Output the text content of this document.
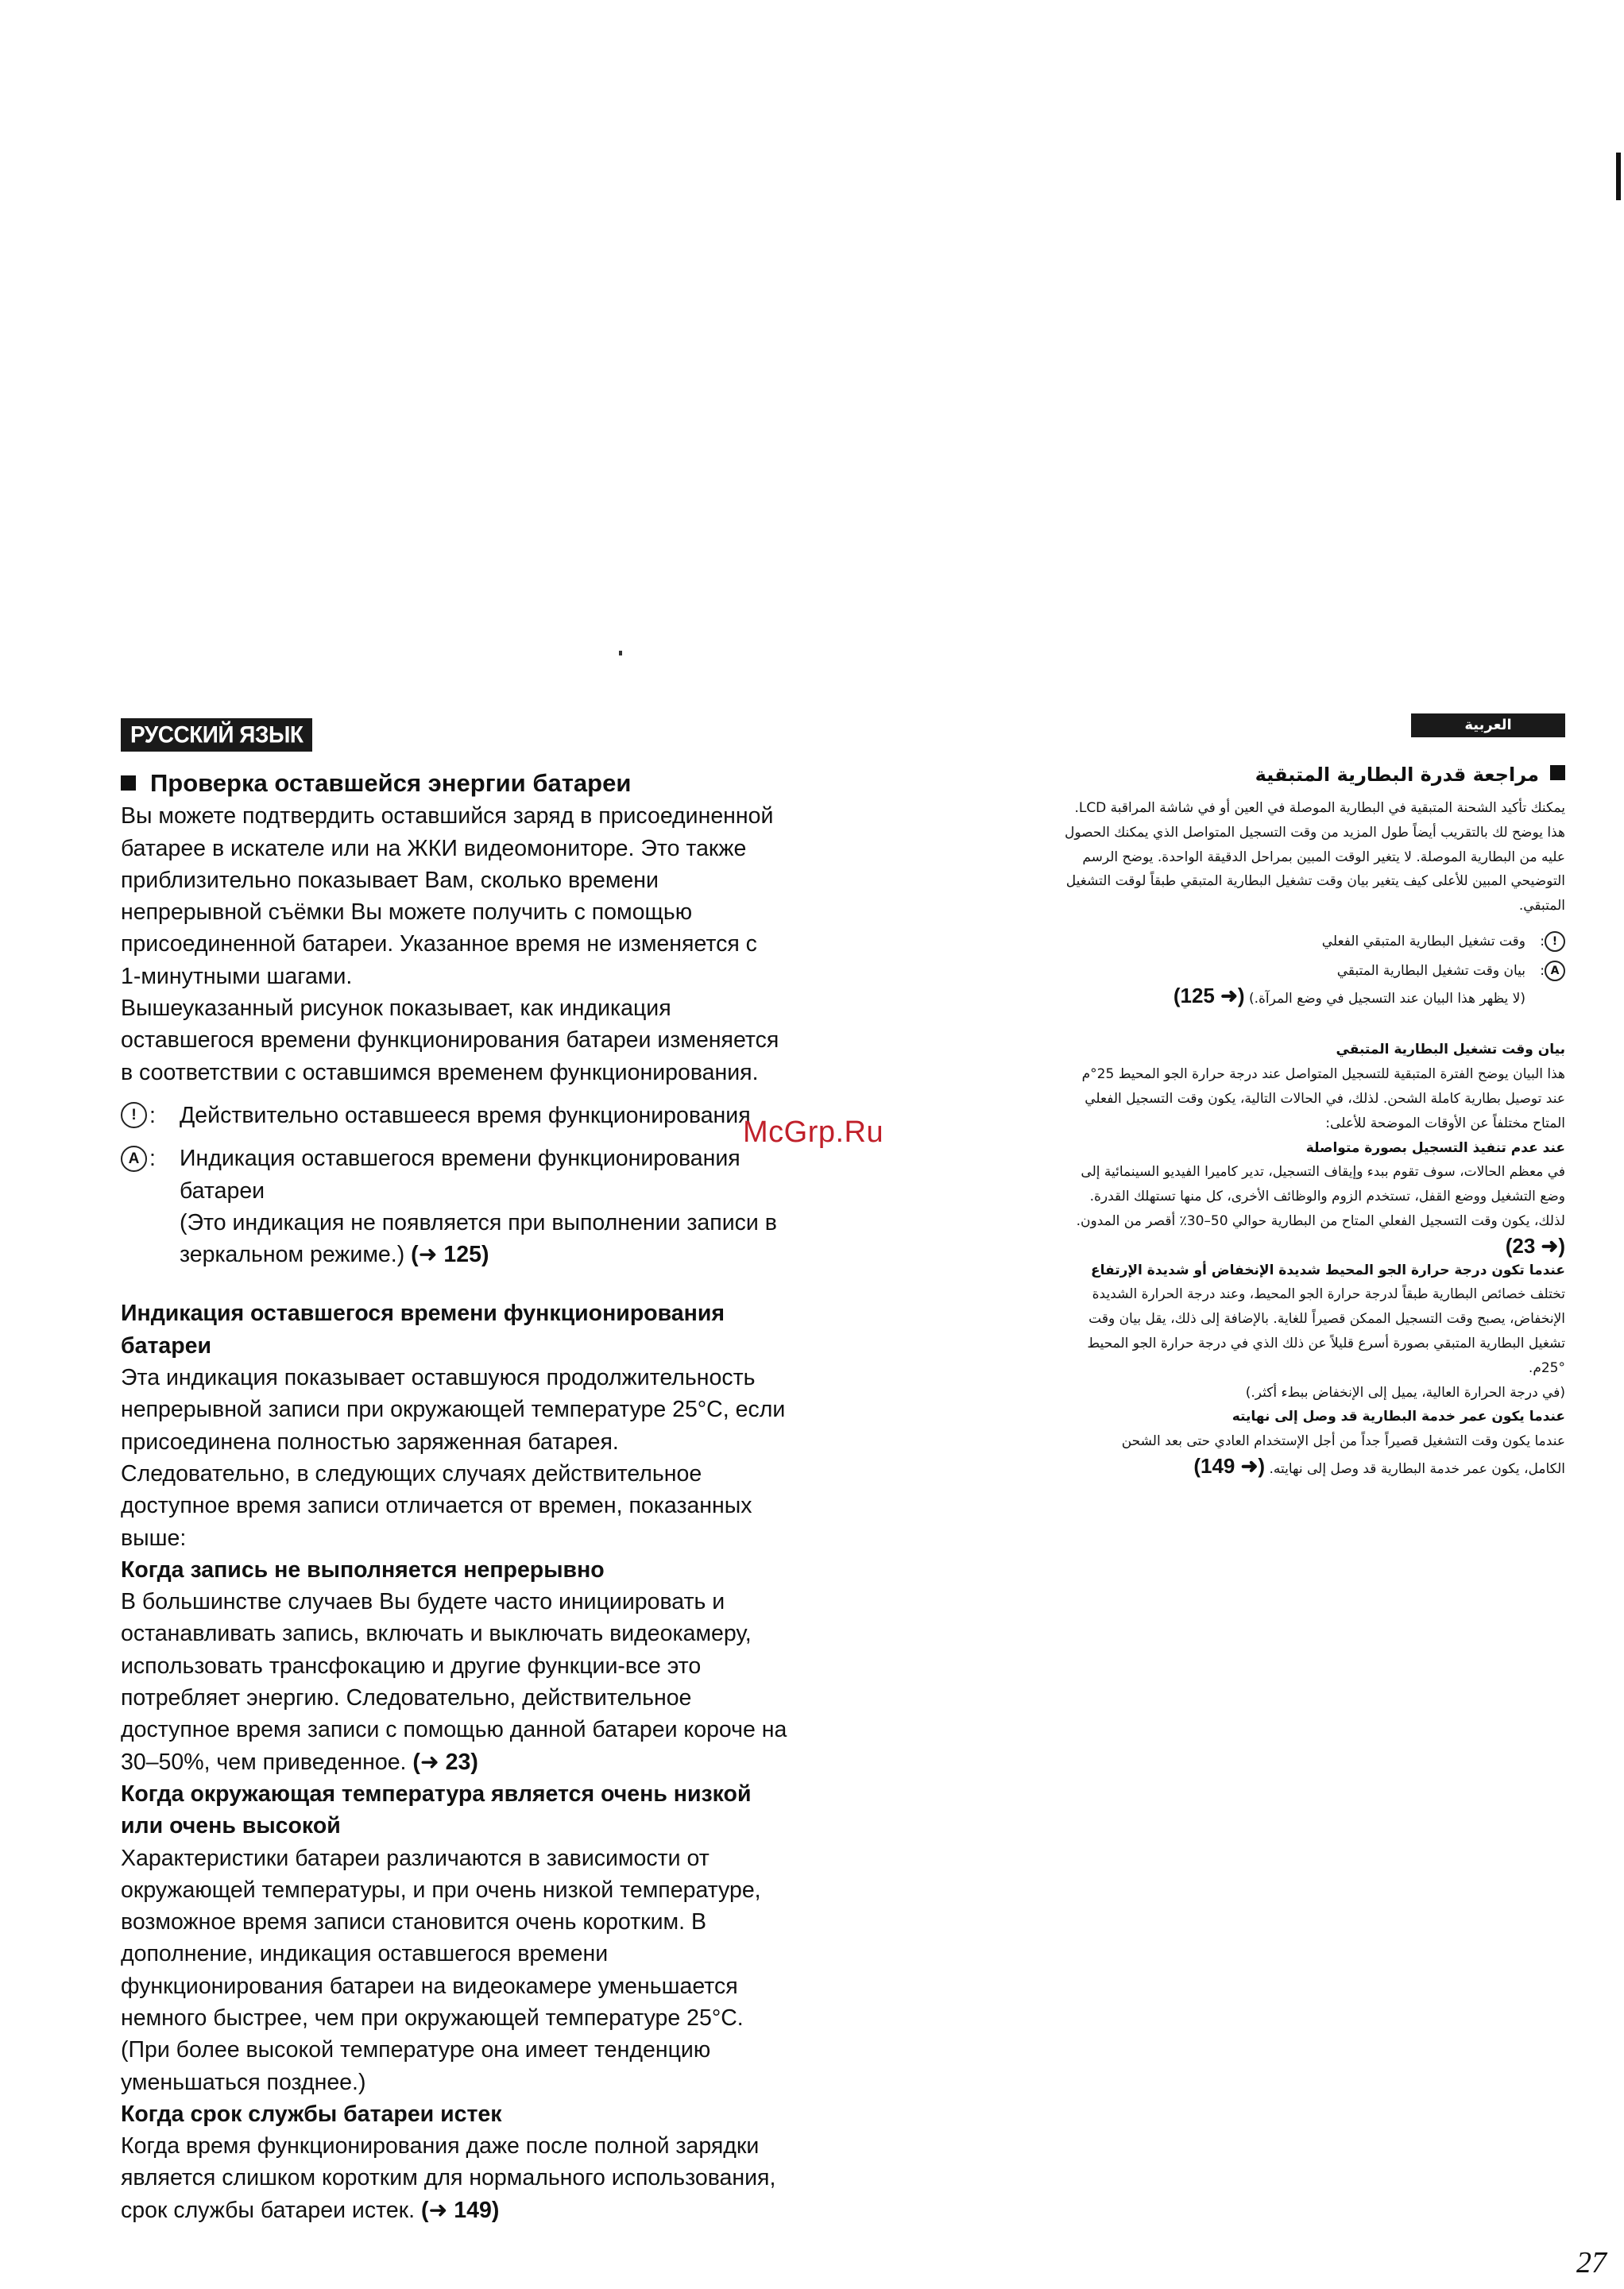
РУССКИЙ ЯЗЫК
Проверка оставшейся энергии батареи

Вы можете подтвердить оставшийся заряд в присоединенной

батарее в искателе или на ЖКИ видеомониторе. Это также

приблизительно показывает Вам, сколько времени

непрерывной съёмки Вы можете получить с помощью

присоединенной батареи. Указанное время не изменяется с

1-минутными шагами.

Вышеуказанный рисунок показывает, как индикация

оставшегося времени функционирования батареи изменяется

в соответствии с оставшимся временем функционирования.

! : Действительно оставшееся время функционирования

A : Индикация оставшегося времени функционирования

батареи

(Это индикация не появляется при выполнении записи в

зеркальном режиме.) (➜ 125)

Индикация оставшегося времени функционирования

батареи

Эта индикация показывает оставшуюся продолжительность

непрерывной записи при окружающей температуре 25°C, если

присоединена полностью заряженная батарея.

Следовательно, в следующих случаях действительное

доступное время записи отличается от времен, показанных

выше:

Когда запись не выполняется непрерывно

В большинстве случаев Вы будете часто инициировать и

останавливать запись, включать и выключать видеокамеру,

использовать трансфокацию и другие функции-все это

потребляет энергию. Следовательно, действительное

доступное время записи с помощью данной батареи короче на

30–50%, чем приведенное. (➜ 23)

Когда окружающая температура является очень низкой

или очень высокой

Характеристики батареи различаются в зависимости от

окружающей температуры, и при очень низкой температуре,

возможное время записи становится очень коротким. В

дополнение, индикация оставшегося времени

функционирования батареи на видеокамере уменьшается

немного быстрее, чем при окружающей температуре 25°C.

(При более высокой температуре она имеет тенденцию

уменьшаться позднее.)

Когда срок службы батареи истек

Когда время функционирования даже после полной зарядки

является слишком коротким для нормального использования,

срок службы батареи истек. (➜ 149)

العربية
مراجعة قدرة البطارية المتبقية

يمكنك تأكيد الشحنة المتبقية في البطارية الموصلة في العين أو في شاشة المراقبة LCD.

هذا يوضح لك بالتقريب أيضاً طول المزيد من وقت التسجيل المتواصل الذي يمكنك الحصول

عليه من البطارية الموصلة. لا يتغير الوقت المبين بمراحل الدقيقة الواحدة. يوضح الرسم

التوضيحي المبين للأعلى كيف يتغير بيان وقت تشغيل البطارية المتبقي طبقاً لوقت التشغيل

المتبقي.

!
:
وقت تشغيل البطارية المتبقي الفعلي
A
:
بيان وقت تشغيل البطارية المتبقي

(لا يظهر هذا البيان عند التسجيل في وضع المرآة.) (➜ 125)

بيان وقت تشغيل البطارية المتبقي

هذا البيان يوضح الفترة المتبقية للتسجيل المتواصل عند درجة حرارة الجو المحيط 25°م

عند توصيل بطارية كاملة الشحن. لذلك، في الحالات التالية، يكون وقت التسجيل الفعلي

المتاح مختلفاً عن الأوقات الموضحة للأعلى:

عند عدم تنفيذ التسجيل بصورة متواصلة

في معظم الحالات، سوف تقوم ببدء وإيقاف التسجيل، تدير كاميرا الفيديو السينمائية إلى

وضع التشغيل ووضع القفل، تستخدم الزوم والوظائف الأخرى، كل منها تستهلك القدرة.

لذلك، يكون وقت التسجيل الفعلي المتاح من البطارية حوالي 50–30٪ أقصر من المدون.

(➜ 23)

عندما تكون درجة حرارة الجو المحيط شديدة الإنخفاض أو شديدة الإرتفاع

تختلف خصائص البطارية طبقاً لدرجة حرارة الجو المحيط، وعند درجة الحرارة الشديدة

الإنخفاض، يصبح وقت التسجيل الممكن قصيراً للغاية. بالإضافة إلى ذلك، يقل بيان وقت

تشغيل البطارية المتبقي بصورة أسرع قليلاً عن ذلك الذي في درجة حرارة الجو المحيط

25°م.

(في درجة الحرارة العالية، يميل إلى الإنخفاض ببطء أكثر.)

عندما يكون عمر خدمة البطارية قد وصل إلى نهايته

عندما يكون وقت التشغيل قصيراً جداً من أجل الإستخدام العادي حتى بعد الشحن

الكامل، يكون عمر خدمة البطارية قد وصل إلى نهايته. (➜ 149)

McGrp.Ru
27
